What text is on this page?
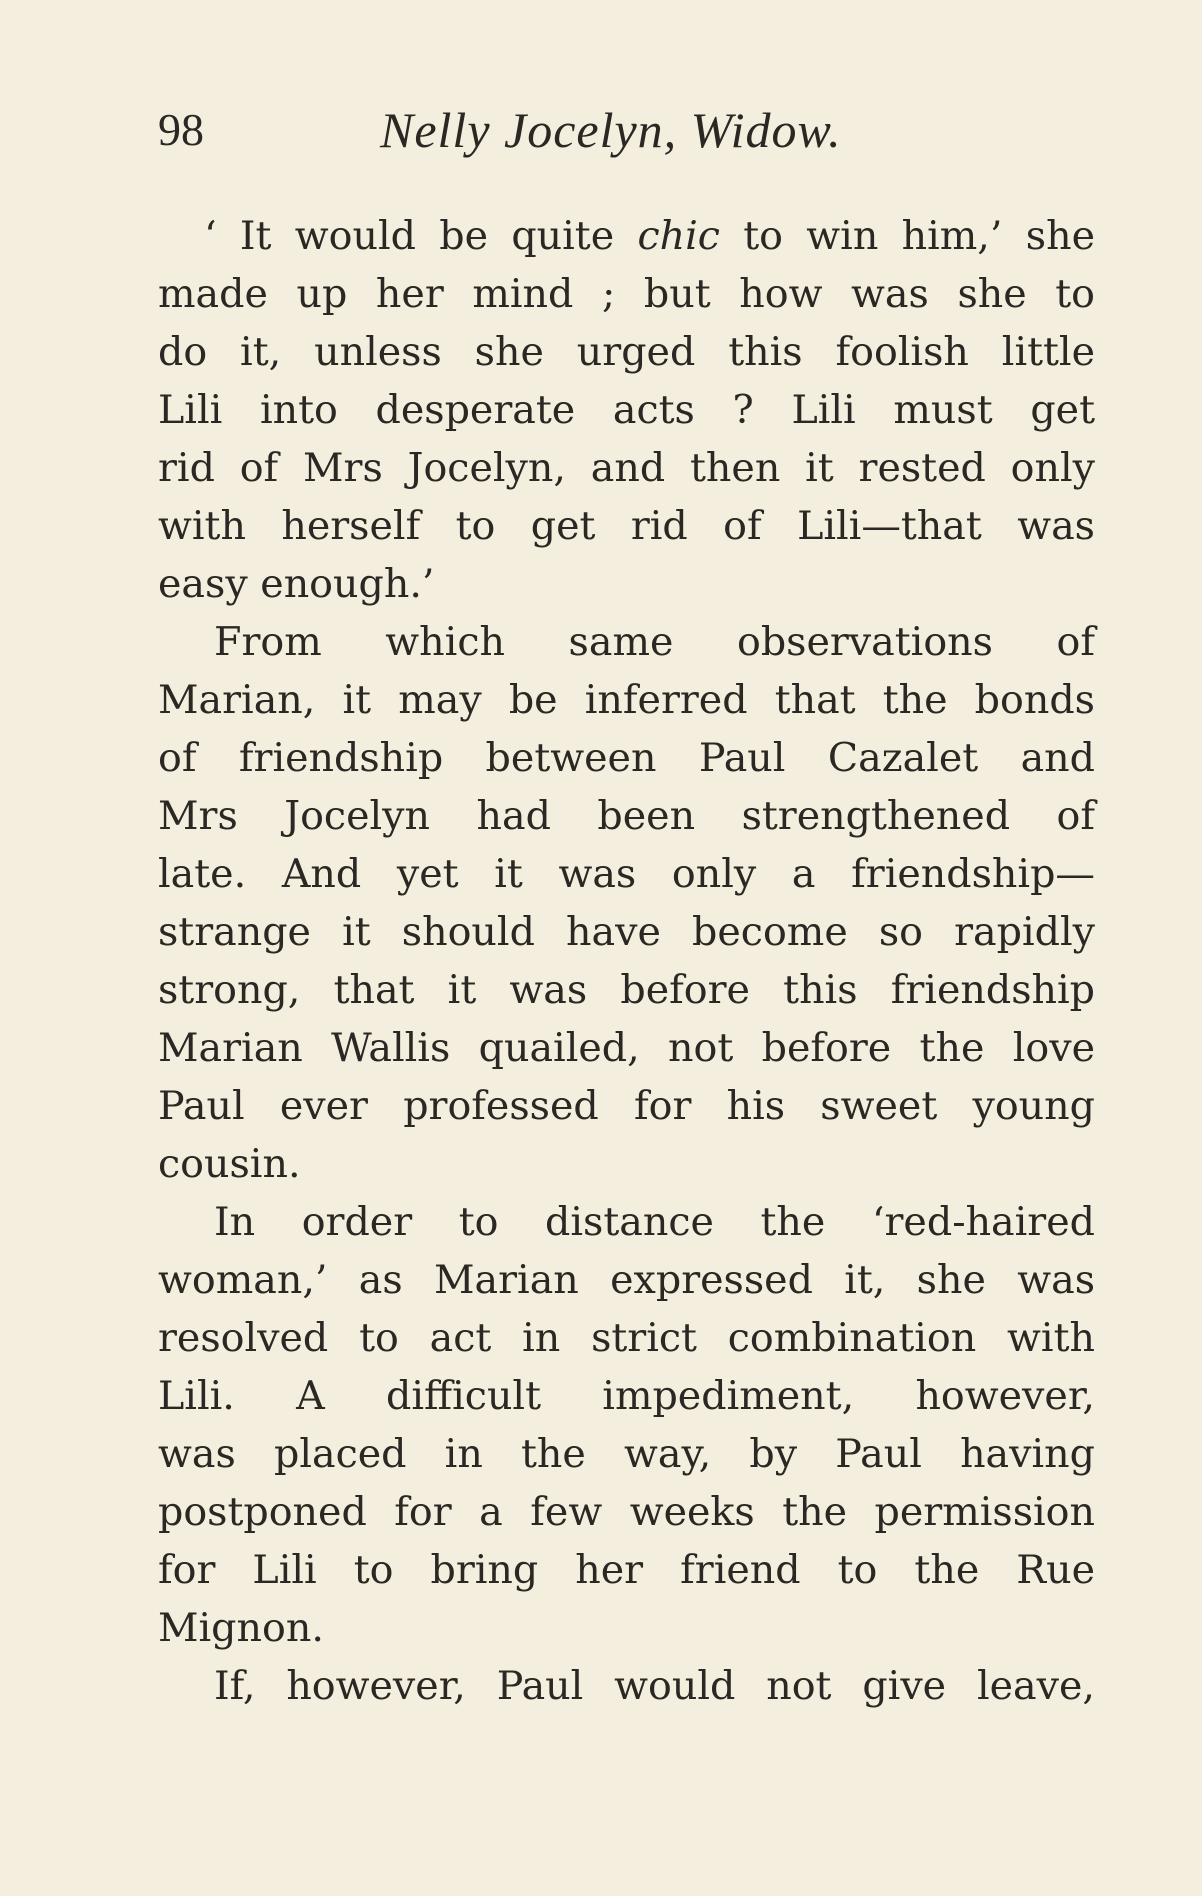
98	Nelly Jocelyn, Widow.
‘ It would be quite chic to win him,’ she
made up her mind ; but how was she to
do it, unless she urged this foolish little
Lili into desperate acts ? Lili must get
rid of Mrs Jocelyn, and then it rested only
with herself to get rid of Lili—that was
easy enough.’
From which same observations of
Marian, it may be inferred that the bonds
of friendship between Paul Cazalet and
Mrs Jocelyn had been strengthened of
late. And yet it was only a friendship—
strange it should have become so rapidly
strong, that it was before this friendship
Marian Wallis quailed, not before the love
Paul ever professed for his sweet young
cousin.
In order to distance the ‘red-haired
woman,’ as Marian expressed it, she was
resolved to act in strict combination with
Lili. A difficult impediment, however,
was placed in the way, by Paul having
postponed for a few weeks the permission
for Lili to bring her friend to the Rue
Mignon.
If, however, Paul would not give leave,
